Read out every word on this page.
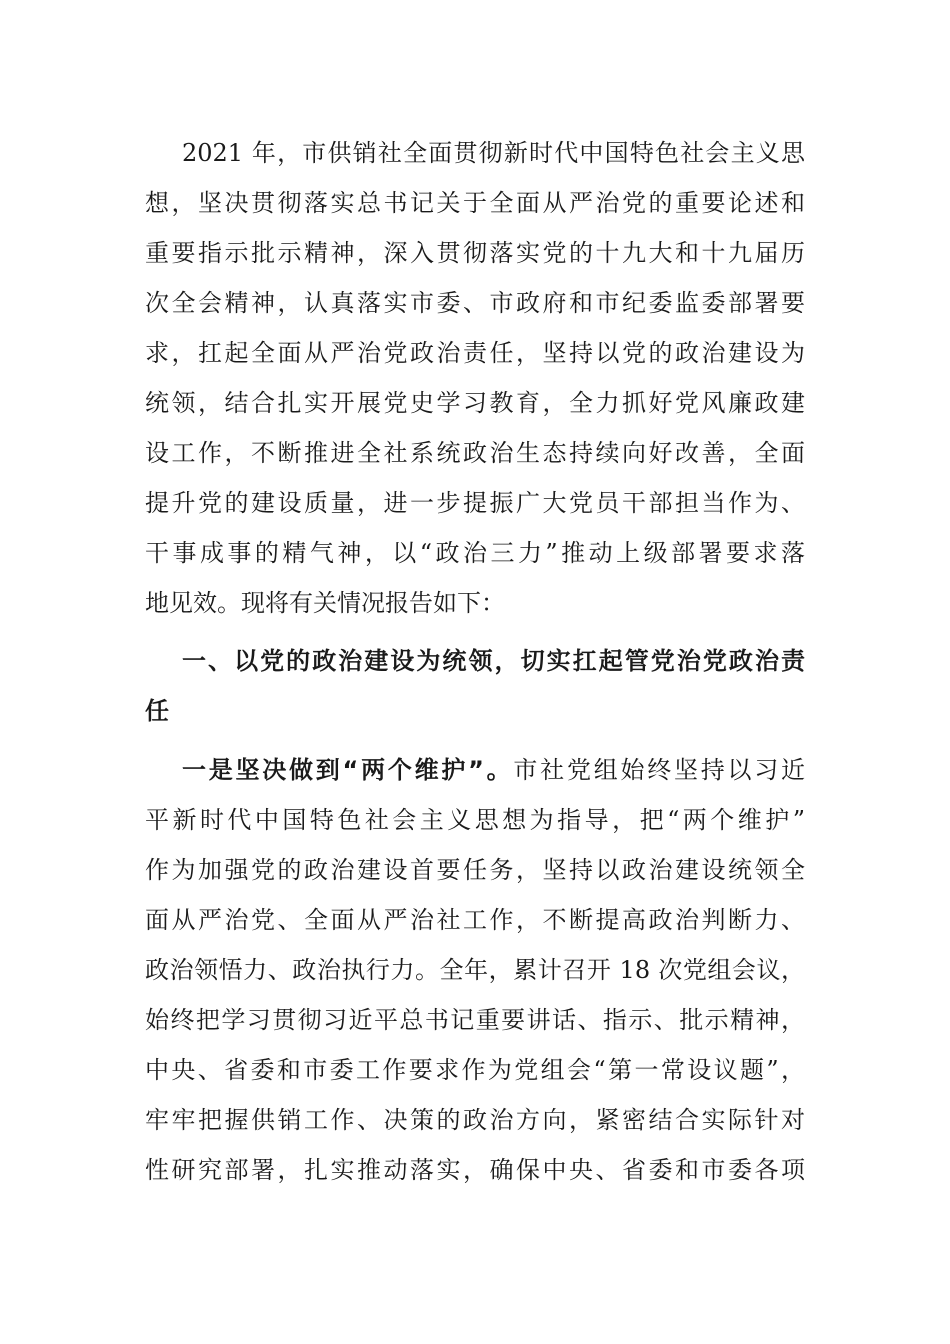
2021 年，市供销社全面贯彻新时代中国特色社会主义思
想，坚决贯彻落实总书记关于全面从严治党的重要论述和
重要指示批示精神，深入贯彻落实党的十九大和十九届历
次全会精神，认真落实市委、市政府和市纪委监委部署要
求，扛起全面从严治党政治责任，坚持以党的政治建设为
统领，结合扎实开展党史学习教育，全力抓好党风廉政建
设工作，不断推进全社系统政治生态持续向好改善，全面
提升党的建设质量，进一步提振广大党员干部担当作为、
干事成事的精气神，以“政治三力”推动上级部署要求落
地见效。现将有关情况报告如下：
一、以党的政治建设为统领，切实扛起管党治党政治责
任
一是坚决做到“两个维护”。市社党组始终坚持以习近
平新时代中国特色社会主义思想为指导，把“两个维护”
作为加强党的政治建设首要任务，坚持以政治建设统领全
面从严治党、全面从严治社工作，不断提高政治判断力、
政治领悟力、政治执行力。全年，累计召开 18 次党组会议，
始终把学习贯彻习近平总书记重要讲话、指示、批示精神，
中央、省委和市委工作要求作为党组会“第一常设议题”，
牢牢把握供销工作、决策的政治方向，紧密结合实际针对
性研究部署，扎实推动落实，确保中央、省委和市委各项
